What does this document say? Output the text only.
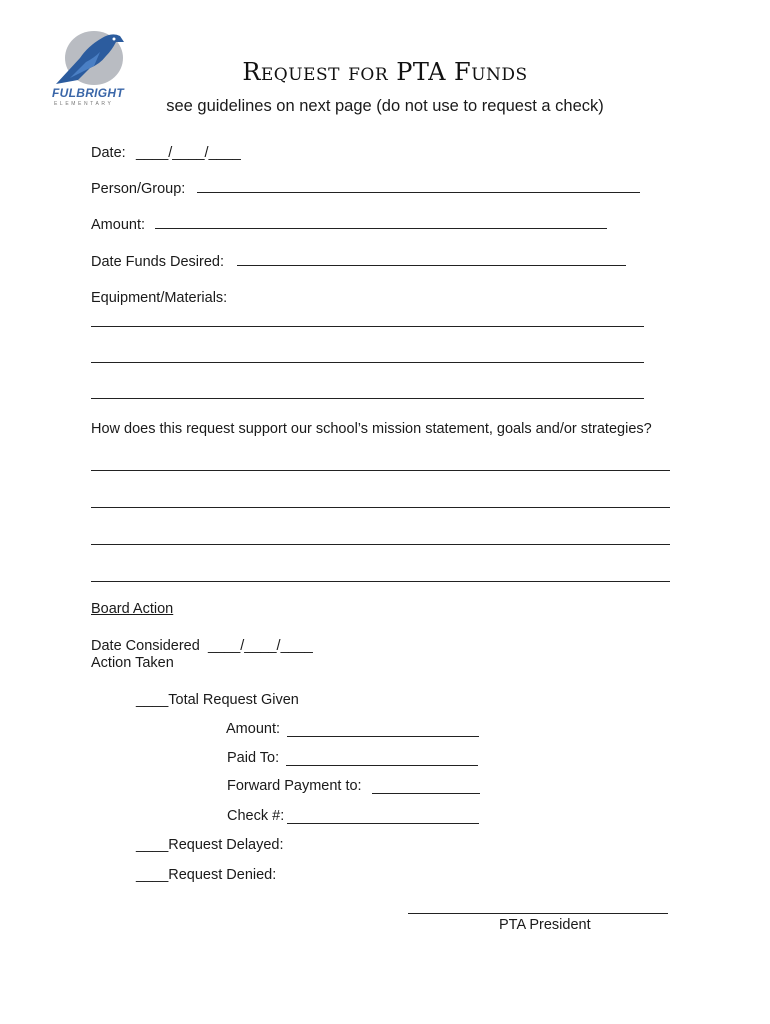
FULBRIGHT
ELEMENTARY
Request for PTA Funds
see guidelines on next page (do not use to request a check)
Date: ____/____/____
Person/Group:
Amount:
Date Funds Desired:
Equipment/Materials:
How does this request support our school’s mission statement, goals and/or strategies?
Board Action
Date Considered ____/____/____
Action Taken
____Total Request Given
Amount:
Paid To:
Forward Payment to:
Check #:
____Request Delayed:
____Request Denied:
PTA President
